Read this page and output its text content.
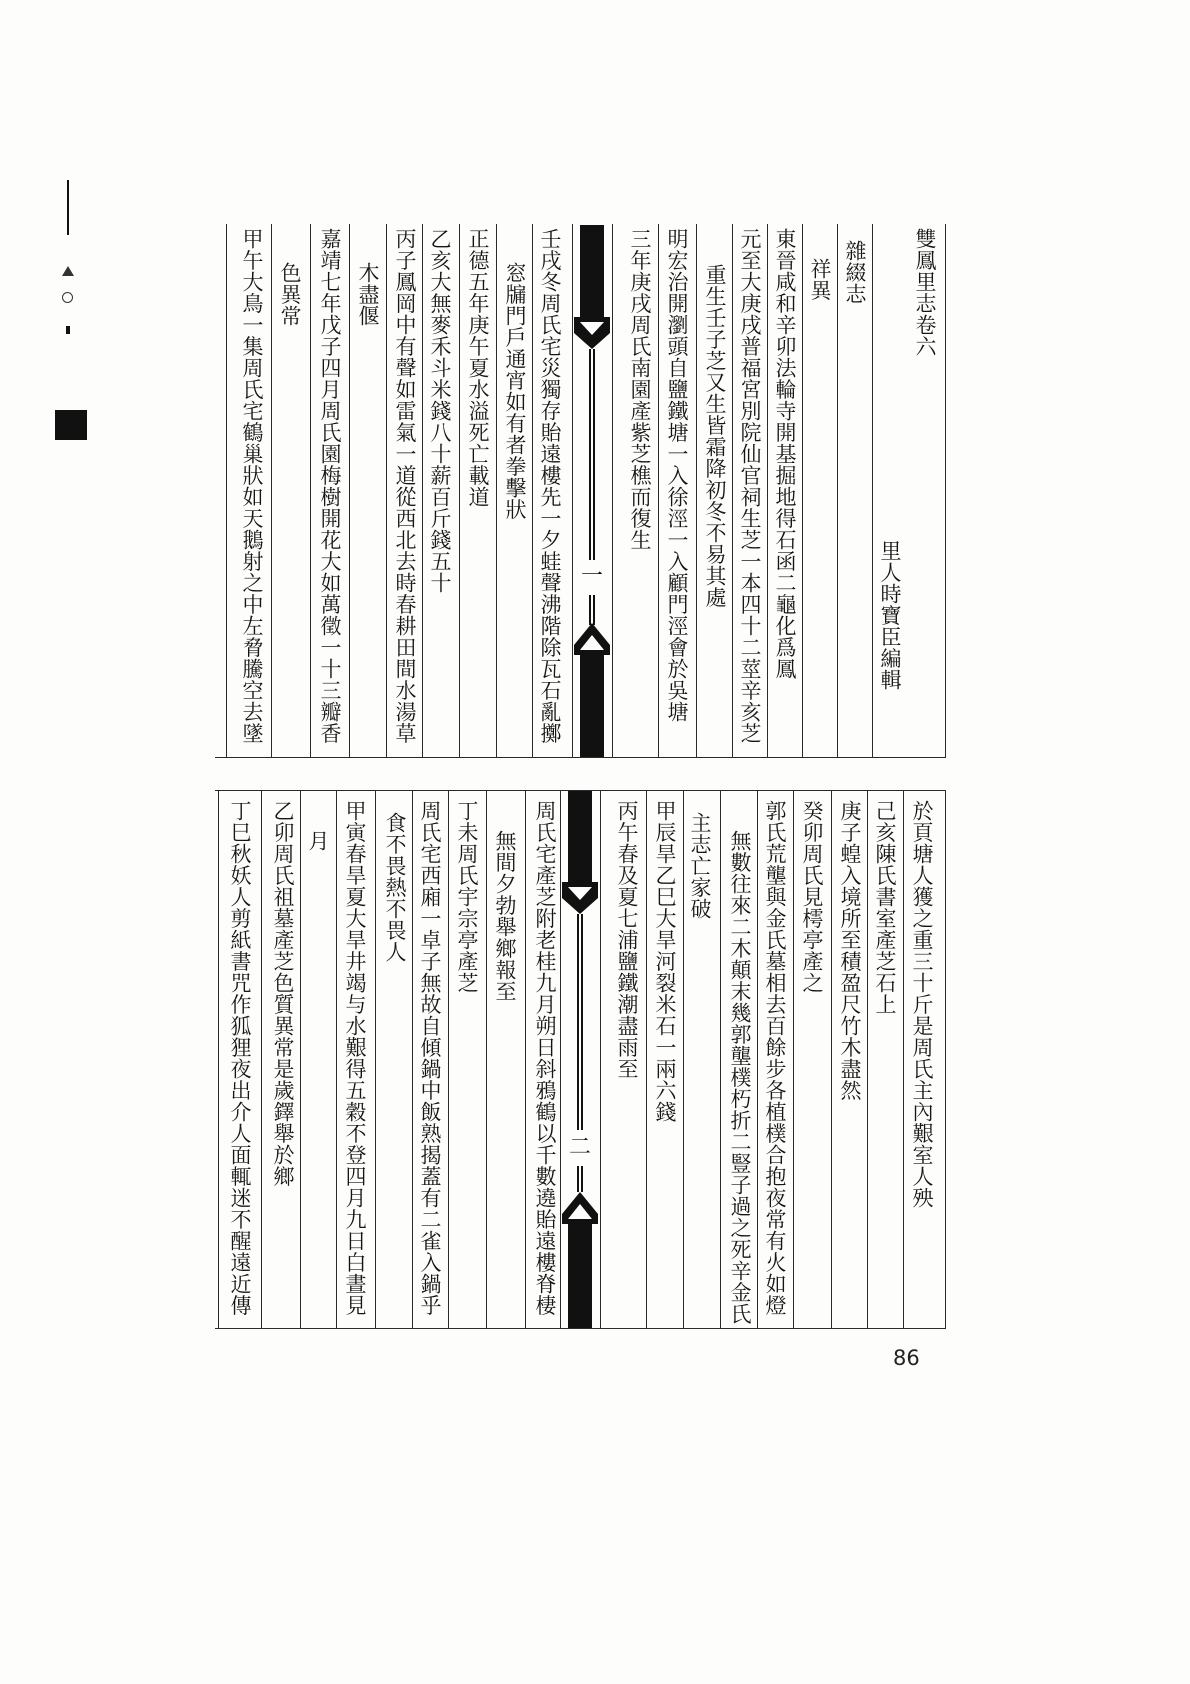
雙鳳里志卷六
里人時寶臣編輯
雜綴志
祥異
東晉咸和辛卯法輪寺開基掘地得石函二龜化爲鳳
元至大庚戌普福宮別院仙官祠生芝一本四十二莖辛亥芝
重生壬子芝又生皆霜降初冬不易其處
明宏治開瀏頭自鹽鐵塘一入徐涇一入顧門涇會於吳塘
三年庚戌周氏南園產紫芝樵而復生
一
壬戌冬周氏宅災獨存貽遠樓先一夕蛙聲沸階除瓦石亂擲
窓牖門戶通宵如有者拳擊狀
正德五年庚午夏水溢死亡載道
乙亥大無麥禾斗米錢八十薪百斤錢五十
丙子鳳岡中有聲如雷氣一道從西北去時春耕田間水湯草
木盡偃
嘉靖七年戊子四月周氏園梅樹開花大如萬徵一十三瓣香
色異常
甲午大鳥一集周氏宅鶴巢狀如天鵝射之中左脅騰空去墜
於頁塘人獲之重三十斤是周氏主內艱室人殃
己亥陳氏書室產芝石上
庚子蝗入境所至積盈尺竹木盡然
癸卯周氏見樗亭產之
郭氏荒壟與金氏墓相去百餘步各植樸合抱夜常有火如燈
無數往來二木顛末幾郭壟樸朽折二豎子過之死辛金氏
主志亡家破
甲辰旱乙巳大旱河裂米石一兩六錢
丙午春及夏七浦鹽鐵潮盡雨至
二
周氏宅產芝附老桂九月朔日斜鴉鶴以千數遶貽遠樓脊棲
無間夕勃舉鄉報至
丁未周氏宇宗亭產芝
周氏宅西廂一卓子無故自傾鍋中飯熟揭蓋有二雀入鍋乎
食不畏熱不畏人
甲寅春旱夏大旱井竭与水艱得五穀不登四月九日白晝見
月
乙卯周氏祖墓產芝色質異常是歲鐸舉於鄉
丁巳秋妖人剪紙書咒作狐狸夜出介人面輒迷不醒遠近傳
86
